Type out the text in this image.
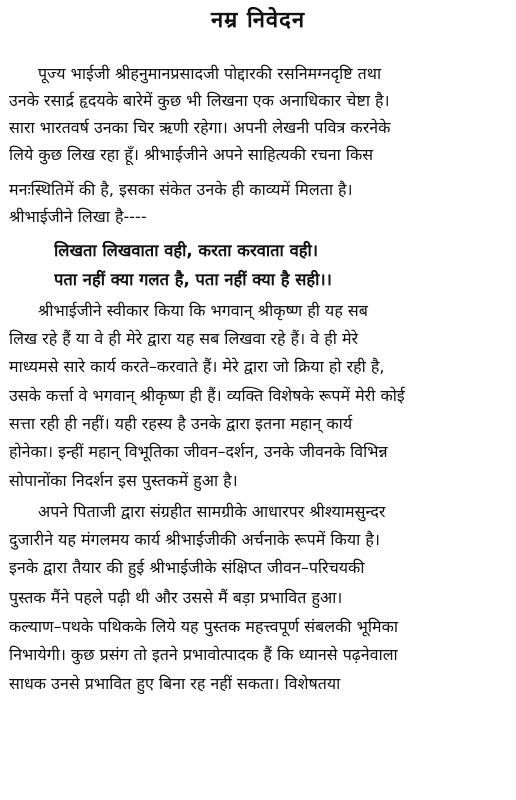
नम्र निवेदन
पूज्य भाईजी श्रीहनुमानप्रसादजी पोद्दारकी रसनिमग्नदृष्टि तथा
उनके रसार्द्र हृदयके बारेमें कुछ भी लिखना एक अनाधिकार चेष्टा है।
सारा भारतवर्ष उनका चिर ऋणी रहेगा। अपनी लेखनी पवित्र करनेके
लिये कुछ लिख रहा हूँ। श्रीभाईजीने अपने साहित्यकी रचना किस
मनःस्थितिमें की है, इसका संकेत उनके ही काव्यमें मिलता है।
श्रीभाईजीने लिखा है----
लिखता लिखवाता वही, करता करवाता वही।
पता नहीं क्या गलत है, पता नहीं क्या है सही।।
श्रीभाईजीने स्वीकार किया कि भगवान् श्रीकृष्ण ही यह सब
लिख रहे हैं या वे ही मेरे द्वारा यह सब लिखवा रहे हैं। वे ही मेरे
माध्यमसे सारे कार्य करते–करवाते हैं। मेरे द्वारा जो क्रिया हो रही है,
उसके कर्त्ता वे भगवान् श्रीकृष्ण ही हैं। व्यक्ति विशेषके रूपमें मेरी कोई
सत्ता रही ही नहीं। यही रहस्य है उनके द्वारा इतना महान् कार्य
होनेका। इन्हीं महान् विभूतिका जीवन–दर्शन, उनके जीवनके विभिन्न
सोपानोंका निदर्शन इस पुस्तकमें हुआ है।
अपने पिताजी द्वारा संग्रहीत सामग्रीके आधारपर श्रीश्यामसुन्दर
दुजारीने यह मंगलमय कार्य श्रीभाईजीकी अर्चनाके रूपमें किया है।
इनके द्वारा तैयार की हुई श्रीभाईजीके संक्षिप्त जीवन–परिचयकी
पुस्तक मैंने पहले पढ़ी थी और उससे मैं बड़ा प्रभावित हुआ।
कल्याण–पथके पथिकके लिये यह पुस्तक महत्त्वपूर्ण संबलकी भूमिका
निभायेगी। कुछ प्रसंग तो इतने प्रभावोत्पादक हैं कि ध्यानसे पढ़नेवाला
साधक उनसे प्रभावित हुए बिना रह नहीं सकता। विशेषतया
